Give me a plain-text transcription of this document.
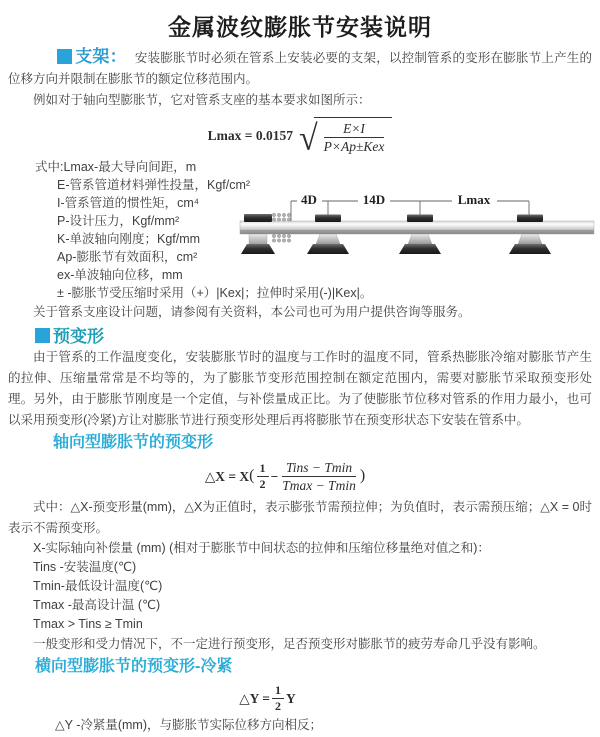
金属波纹膨胀节安装说明

支架： 安装膨胀节时必须在管系上安装必要的支架，以控制管系的变形在膨胀节上产生的位移方向并限制在膨胀节的额定位移范围内。

例如对于轴向型膨胀节，它对管系支座的基本要求如图所示：

Lmax = 0.0157 √ $\frac{E\times I}{\text{P×Ap±Kex}}$
式中:Lmax-最大导向间距，m
E-管系管道材料弹性投量，Kgf/cm²
I-管系管道的惯性矩，cm⁴
P-设计压力，Kgf/mm²
K-单波轴向刚度；Kgf/mm
Ap-膨胀节有效面积，cm²
ex-单波轴向位移，mm
± -膨胀节受压缩时采用（+）|Kex|；拉伸时采用(-)|Kex|。
4D	14D	Lmax

关于管系支座设计问题，请参阅有关资料，本公司也可为用户提供咨询等服务。

预变形

由于管系的工作温度变化，安装膨胀节时的温度与工作时的温度不同，管系热膨胀冷缩对膨胀节产生的拉伸、压缩量常常是不均等的，为了膨胀节变形范围控制在额定范围内，需要对膨胀节采取预变形处理。另外，由于膨胀节刚度是一个定值，与补偿量成正比。为了使膨胀节位移对管系的作用力最小，也可以采用预变形(冷紧)方让对膨胀节进行预变形处理后再将膨胀节在预变形状态下安装在管系中。

轴向型膨胀节的预变形
△X = X ( $\frac{1}{2} - \frac{\text{Tins − Tmin}}{Tmax - Tmin}$ )

式中：△X-预变形量(mm)，△X为正值时，表示膨张节需预拉伸；为负值时，表示需预压缩；△X = 0时表示不需预变形。

X-实际轴向补偿量 (mm) (相对于膨胀节中间状态的拉伸和压缩位移量绝对值之和)：
Tins -安装温度(℃)
Tmin-最低设计温度(℃)
Tmax -最高设计温 (℃)
Tmax > Tins ≥ Tmin

一般变形和受力情况下，不一定进行预变形，足否预变形对膨胀节的疲劳寿命几乎没有影响。

横向型膨胀节的预变形-冷紧
△Y = $\frac{1}{2}$ Y

△Y -冷紧量(mm)，与膨胀节实际位移方向相反；
